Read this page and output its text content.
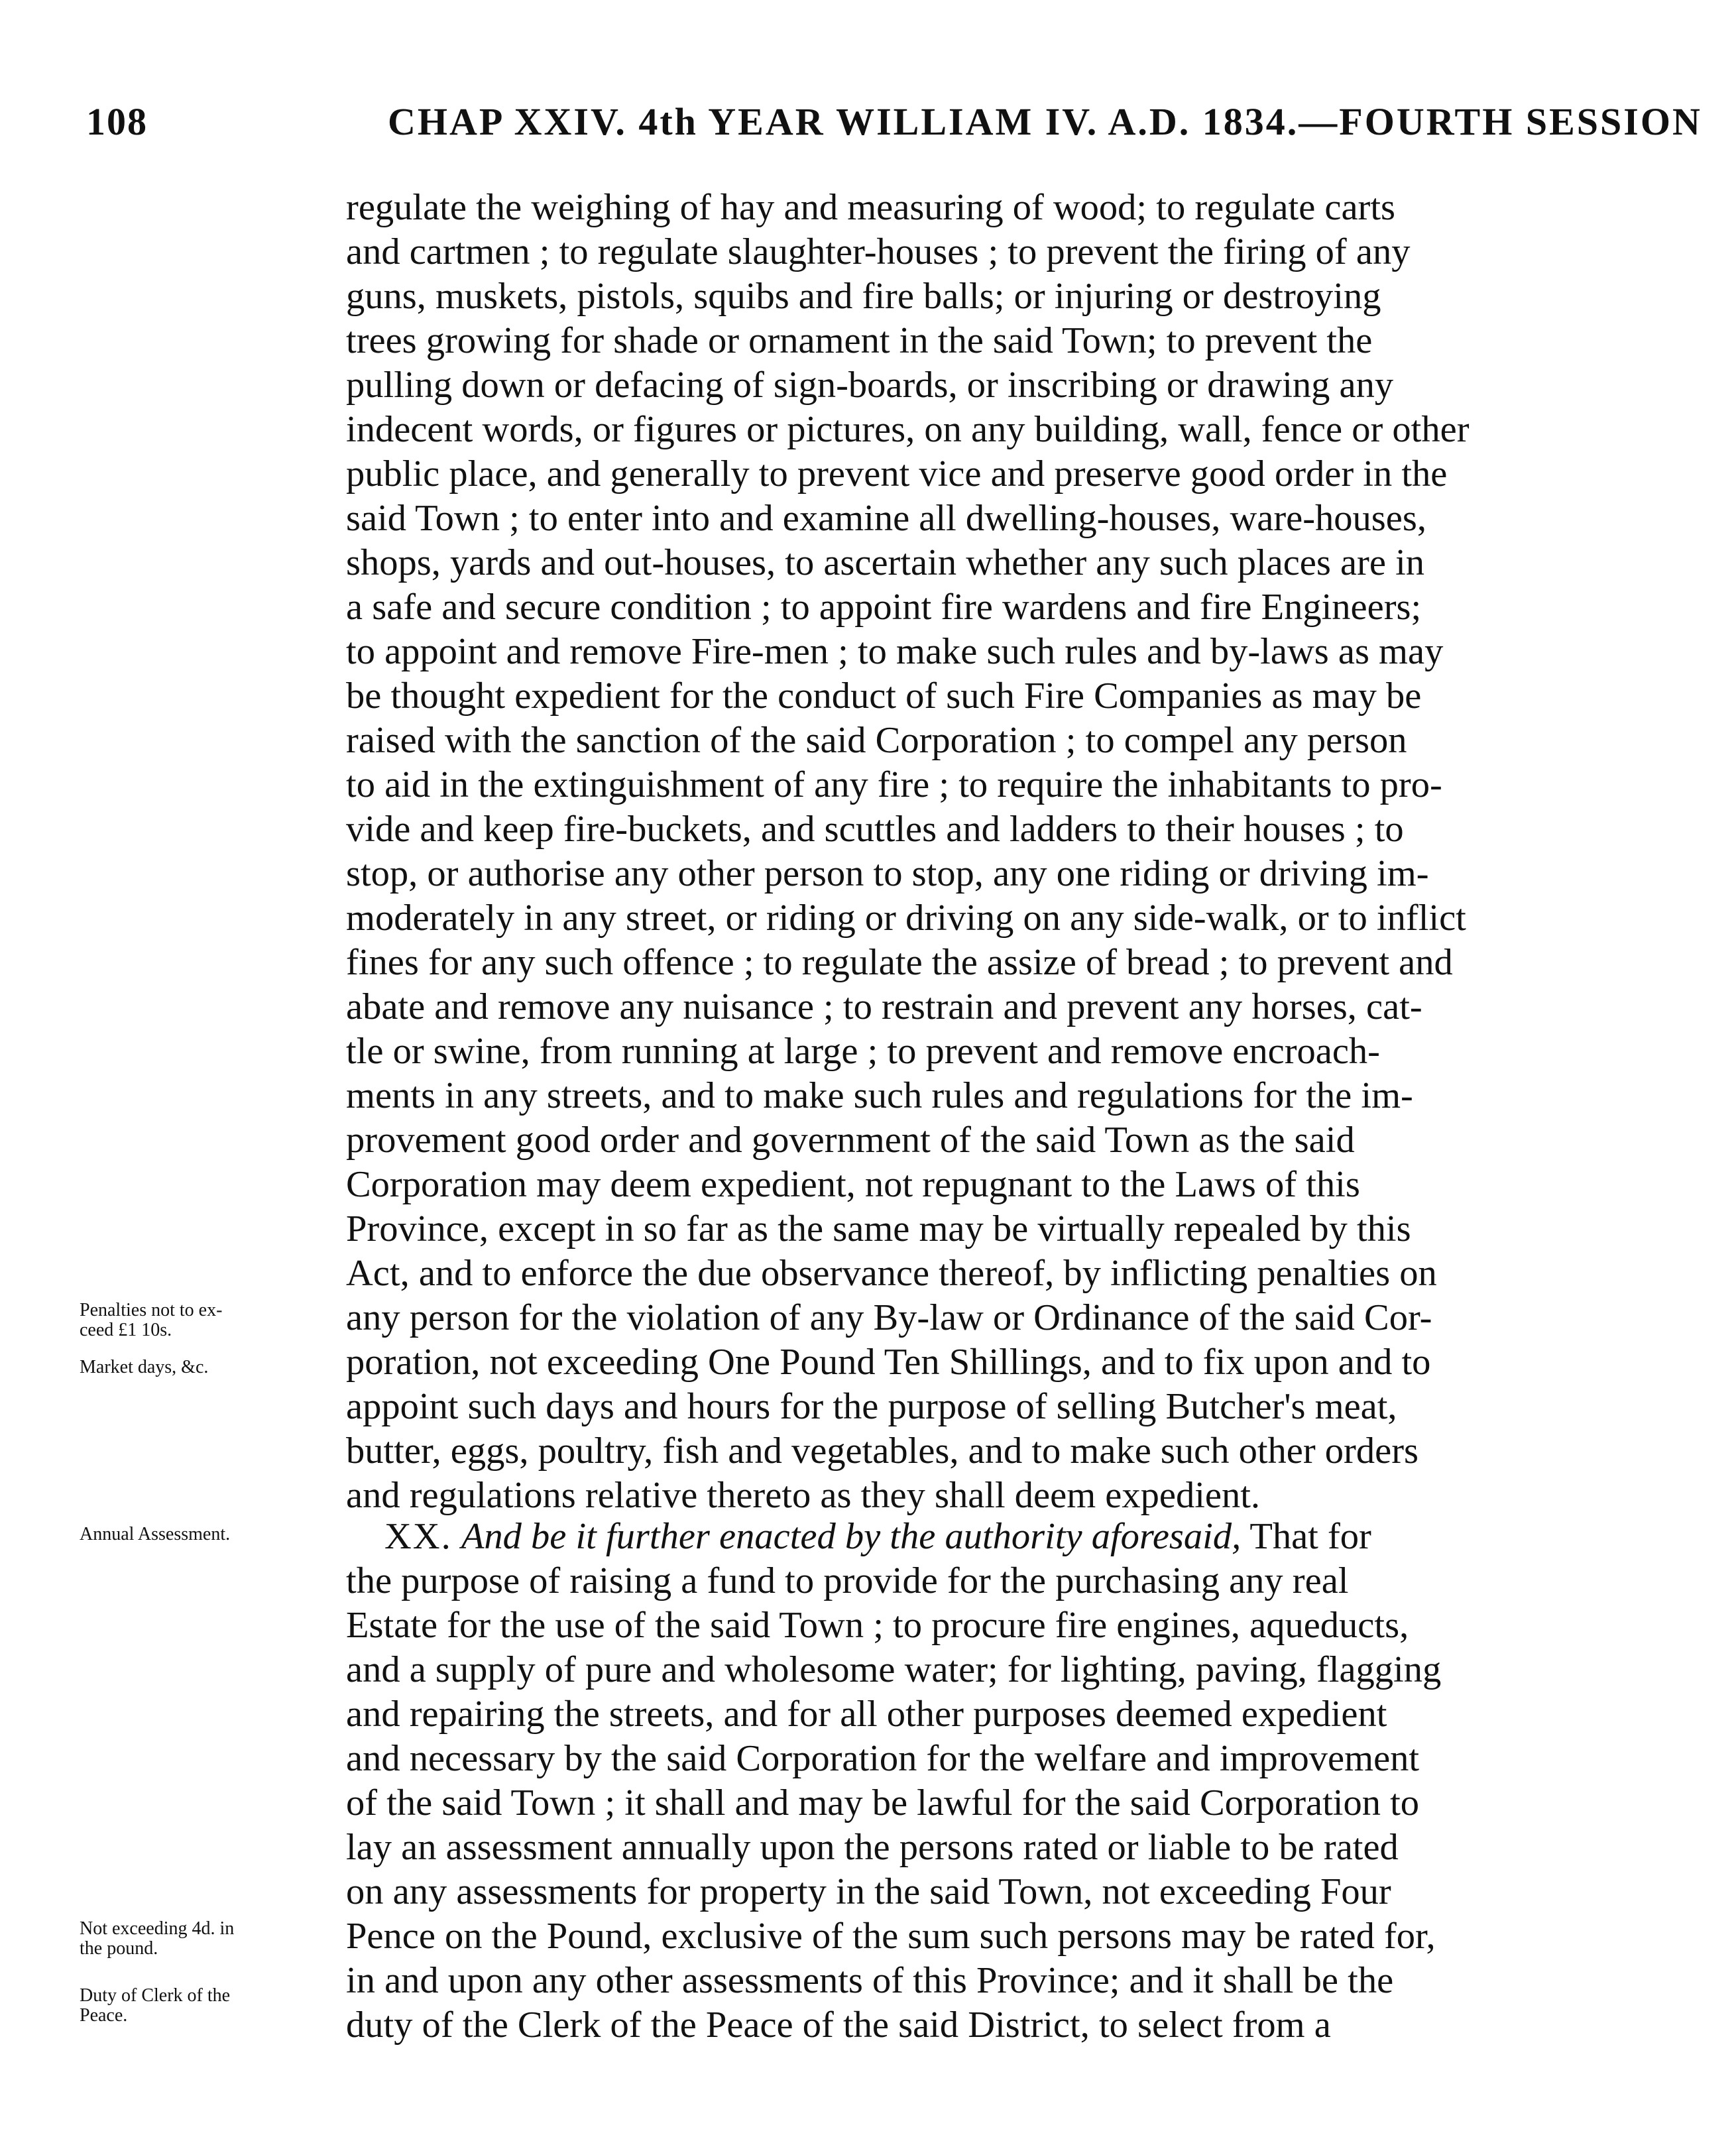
108	CHAP XXIV. 4th YEAR WILLIAM IV. A.D. 1834.—FOURTH SESSION
regulate the weighing of hay and measuring of wood; to regulate carts
and cartmen ; to regulate slaughter-houses ; to prevent the firing of any
guns, muskets, pistols, squibs and fire balls; or injuring or destroying
trees growing for shade or ornament in the said Town; to prevent the
pulling down or defacing of sign-boards, or inscribing or drawing any
indecent words, or figures or pictures, on any building, wall, fence or other
public place, and generally to prevent vice and preserve good order in the
said Town ; to enter into and examine all dwelling-houses, ware-houses,
shops, yards and out-houses, to ascertain whether any such places are in
a safe and secure condition ; to appoint fire wardens and fire Engineers;
to appoint and remove Fire-men ; to make such rules and by-laws as may
be thought expedient for the conduct of such Fire Companies as may be
raised with the sanction of the said Corporation ; to compel any person
to aid in the extinguishment of any fire ; to require the inhabitants to pro-
vide and keep fire-buckets, and scuttles and ladders to their houses ; to
stop, or authorise any other person to stop, any one riding or driving im-
moderately in any street, or riding or driving on any side-walk, or to inflict
fines for any such offence ; to regulate the assize of bread ; to prevent and
abate and remove any nuisance ; to restrain and prevent any horses, cat-
tle or swine, from running at large ; to prevent and remove encroach-
ments in any streets, and to make such rules and regulations for the im-
provement good order and government of the said Town as the said
Corporation may deem expedient, not repugnant to the Laws of this
Province, except in so far as the same may be virtually repealed by this
Act, and to enforce the due observance thereof, by inflicting penalties on
any person for the violation of any By-law or Ordinance of the said Cor-
poration, not exceeding One Pound Ten Shillings, and to fix upon and to
appoint such days and hours for the purpose of selling Butcher's meat,
butter, eggs, poultry, fish and vegetables, and to make such other orders
and regulations relative thereto as they shall deem expedient.
XX. And be it further enacted by the authority aforesaid, That for
the purpose of raising a fund to provide for the purchasing any real
Estate for the use of the said Town ; to procure fire engines, aqueducts,
and a supply of pure and wholesome water; for lighting, paving, flagging
and repairing the streets, and for all other purposes deemed expedient
and necessary by the said Corporation for the welfare and improvement
of the said Town ; it shall and may be lawful for the said Corporation to
lay an assessment annually upon the persons rated or liable to be rated
on any assessments for property in the said Town, not exceeding Four
Pence on the Pound, exclusive of the sum such persons may be rated for,
in and upon any other assessments of this Province; and it shall be the
duty of the Clerk of the Peace of the said District, to select from a
Penalties not to ex-
ceed £1 10s.
Market days, &c.
Annual Assessment.
Not exceeding 4d. in
the pound.
Duty of Clerk of the
Peace.
